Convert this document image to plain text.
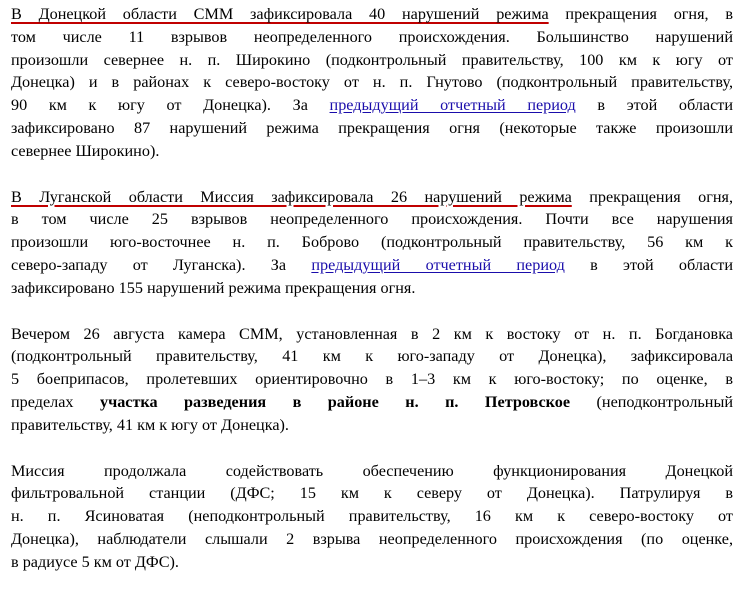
В Донецкой области СММ зафиксировала 40 нарушений режима прекращения огня, в
том числе 11 взрывов неопределенного происхождения. Большинство нарушений
произошли севернее н. п. Широкино (подконтрольный правительству, 100 км к югу от
Донецка) и в районах к северо-востоку от н. п. Гнутово (подконтрольный правительству,
90 км к югу от Донецка). За предыдущий отчетный период в этой области
зафиксировано 87 нарушений режима прекращения огня (некоторые также произошли
севернее Широкино).
В Луганской области Миссия зафиксировала 26 нарушений режима прекращения огня,
в том числе 25 взрывов неопределенного происхождения. Почти все нарушения
произошли юго-восточнее н. п. Боброво (подконтрольный правительству, 56 км к
северо-западу от Луганска). За предыдущий отчетный период в этой области
зафиксировано 155 нарушений режима прекращения огня.
Вечером 26 августа камера СММ, установленная в 2 км к востоку от н. п. Богдановка
(подконтрольный правительству, 41 км к юго-западу от Донецка), зафиксировала
5 боеприпасов, пролетевших ориентировочно в 1–3 км к юго-востоку; по оценке, в
пределах участка разведения в районе н. п. Петровское (неподконтрольный
правительству, 41 км к югу от Донецка).
Миссия продолжала содействовать обеспечению функционирования Донецкой
фильтровальной станции (ДФС; 15 км к северу от Донецка). Патрулируя в
н. п. Ясиноватая (неподконтрольный правительству, 16 км к северо-востоку от
Донецка), наблюдатели слышали 2 взрыва неопределенного происхождения (по оценке,
в радиусе 5 км от ДФС).
